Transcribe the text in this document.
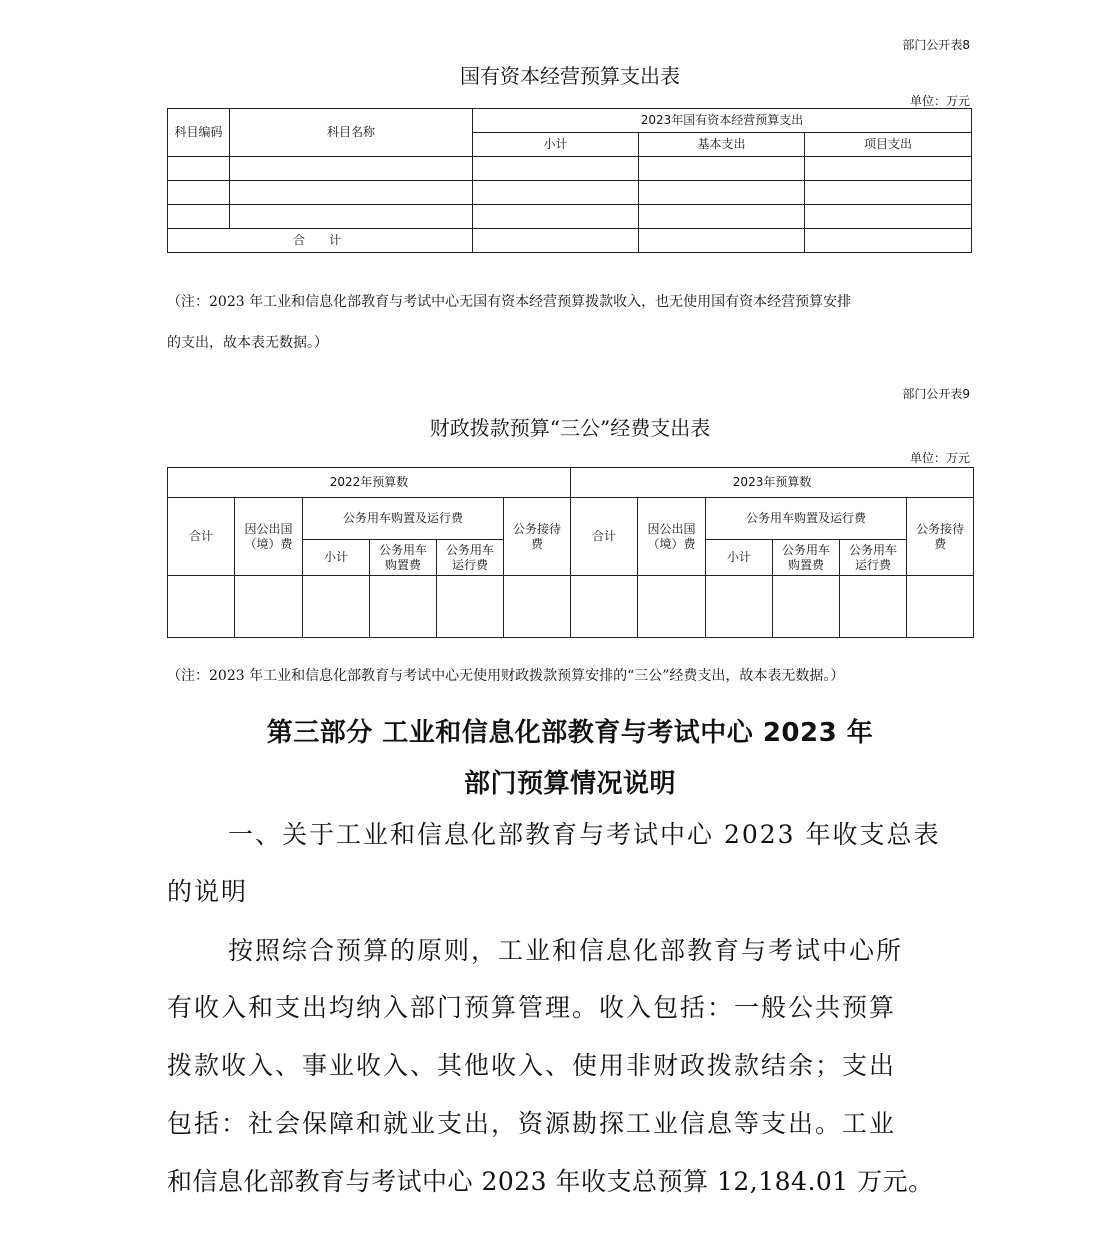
部门公开表8
国有资本经营预算支出表
单位：万元
科目编码	科目名称	2023年国有资本经营预算支出		
		小计	基本支出	项目支出

合　计				
（注：2023 年工业和信息化部教育与考试中心无国有资本经营预算拨款收入，也无使用国有资本经营预算安排
的支出，故本表无数据。）
部门公开表9
财政拨款预算“三公”经费支出表
单位：万元
2022年预算数						2023年预算数					
合计	因公出国（境）费	公务用车购置及运行费			公务接待费	合计	因公出国（境）费	公务用车购置及运行费			公务接待费
		小计	公务用车购置费	公务用车运行费				小计	公务用车购置费	公务用车运行费	

（注：2023 年工业和信息化部教育与考试中心无使用财政拨款预算安排的“三公”经费支出，故本表无数据。）
第三部分 工业和信息化部教育与考试中心 2023 年
部门预算情况说明
一、关于工业和信息化部教育与考试中心 2023 年收支总表
的说明
按照综合预算的原则，工业和信息化部教育与考试中心所
有收入和支出均纳入部门预算管理。收入包括：一般公共预算
拨款收入、事业收入、其他收入、使用非财政拨款结余；支出
包括：社会保障和就业支出，资源勘探工业信息等支出。工业
和信息化部教育与考试中心 2023 年收支总预算 12,184.01 万元。
